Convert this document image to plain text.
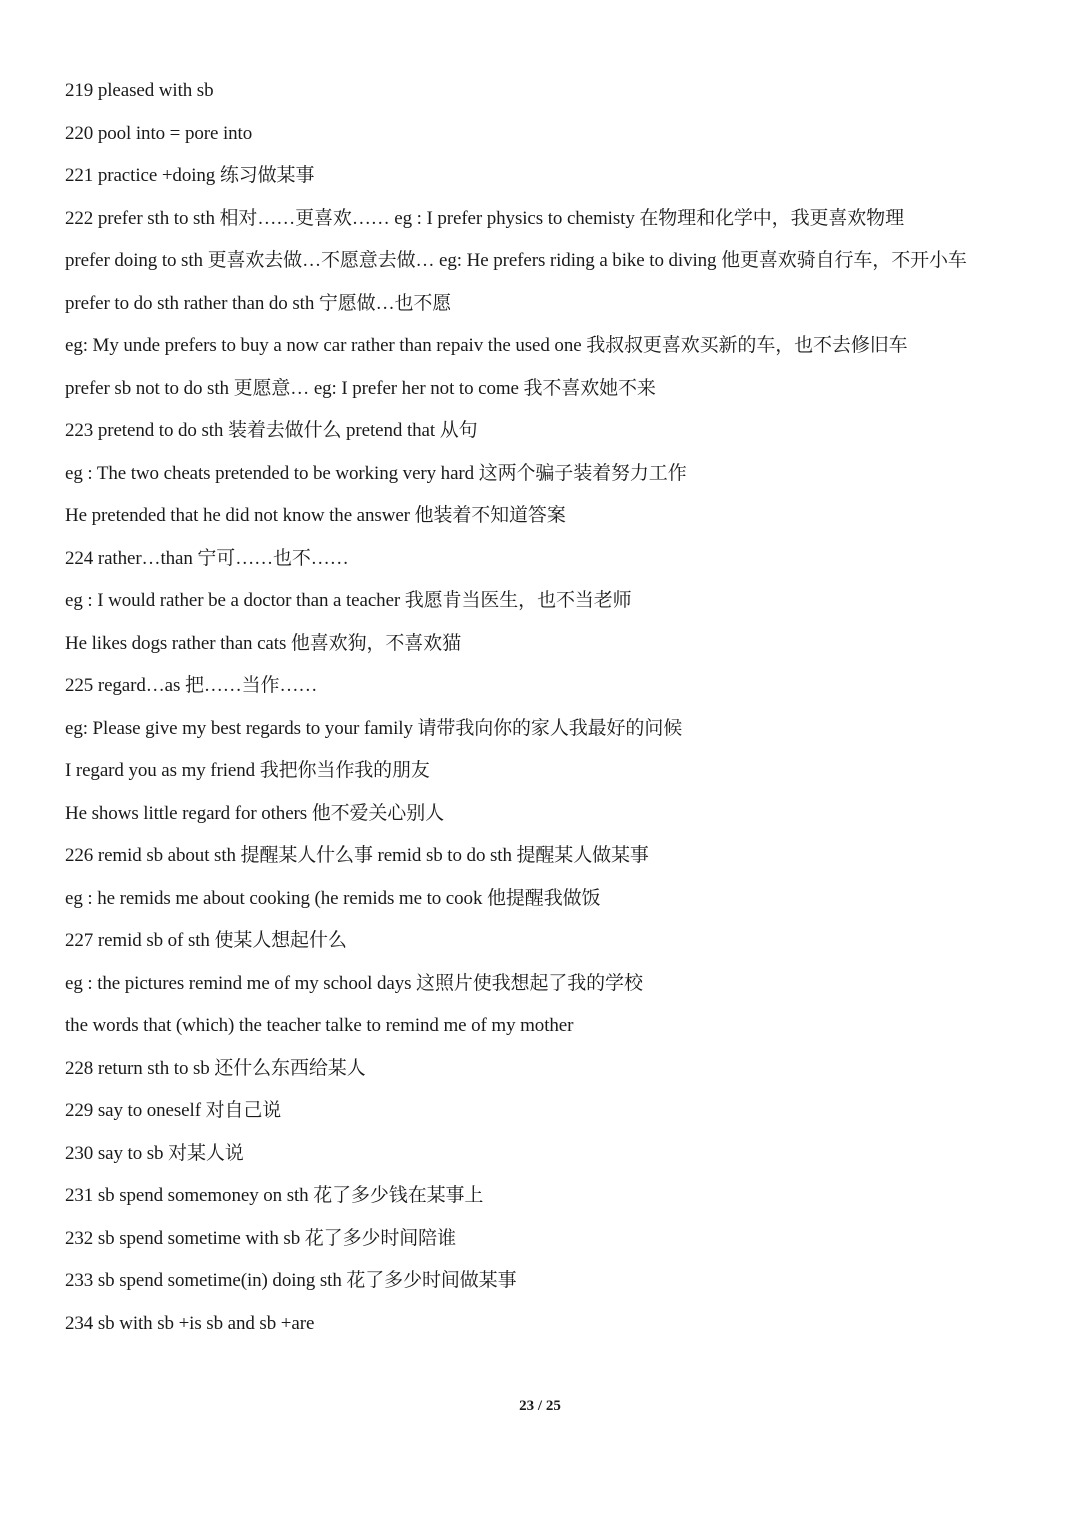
219 pleased with sb
220 pool into = pore into
221 practice +doing 练习做某事
222 prefer sth to sth 相对……更喜欢…… eg : I prefer physics to chemisty 在物理和化学中，我更喜欢物理
prefer doing to sth 更喜欢去做…不愿意去做… eg: He prefers riding a bike to diving 他更喜欢骑自行车，不开小车
prefer to do sth rather than do sth 宁愿做…也不愿
eg: My unde prefers to buy a now car rather than repaiv the used one 我叔叔更喜欢买新的车，也不去修旧车
prefer sb not to do sth 更愿意… eg: I prefer her not to come 我不喜欢她不来
223 pretend to do sth 装着去做什么 pretend that 从句
eg : The two cheats pretended to be working very hard 这两个骗子装着努力工作
He pretended that he did not know the answer 他装着不知道答案
224 rather…than 宁可……也不……
eg : I would rather be a doctor than a teacher 我愿肯当医生，也不当老师
He likes dogs rather than cats 他喜欢狗，不喜欢猫
225 regard…as 把……当作……
eg: Please give my best regards to your family 请带我向你的家人我最好的问候
I regard you as my friend 我把你当作我的朋友
He shows little regard for others 他不爱关心别人
226 remid sb about sth 提醒某人什么事 remid sb to do sth 提醒某人做某事
eg : he remids me about cooking (he remids me to cook 他提醒我做饭
227 remid sb of sth 使某人想起什么
eg : the pictures remind me of my school days 这照片使我想起了我的学校
the words that (which) the teacher talke to remind me of my mother
228 return sth to sb 还什么东西给某人
229 say to oneself 对自己说
230 say to sb 对某人说
231 sb spend somemoney on sth 花了多少钱在某事上
232 sb spend sometime with sb 花了多少时间陪谁
233 sb spend sometime(in) doing sth 花了多少时间做某事
234 sb with sb +is sb and sb +are
23 / 25
